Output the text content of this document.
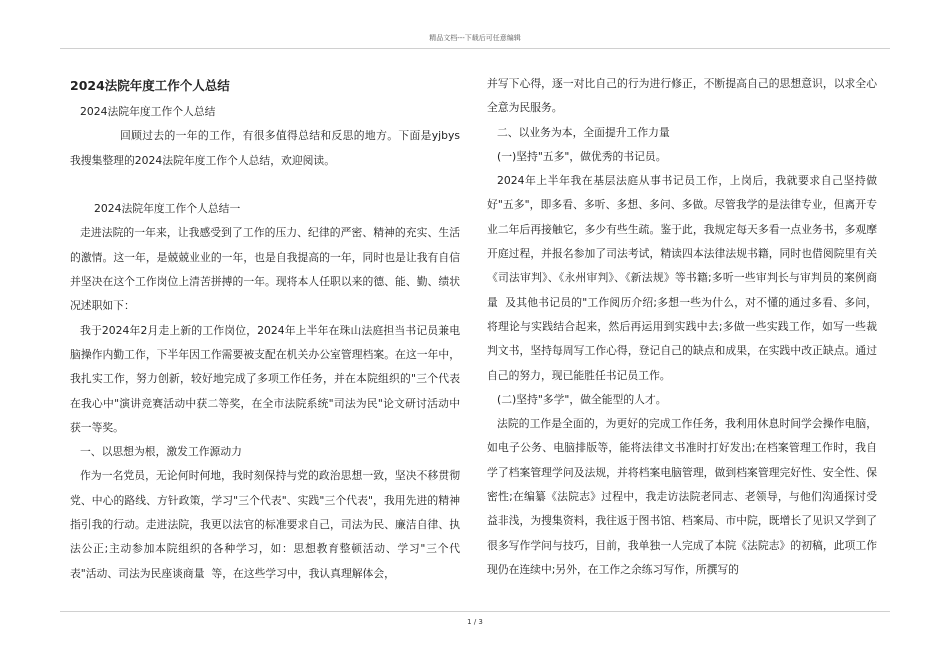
精品文档---下载后可任意编辑
2024法院年度工作个人总结

2024法院年度工作个人总结

回顾过去的一年的工作，有很多值得总结和反思的地方。下面是yjbys我搜集整理的2024法院年度工作个人总结，欢迎阅读。

2024法院年度工作个人总结一

走进法院的一年来，让我感受到了工作的压力、纪律的严密、精神的充实、生活的激情。这一年，是兢兢业业的一年，也是自我提高的一年，同时也是让我有自信并坚决在这个工作岗位上清苦拼搏的一年。现将本人任职以来的德、能、勤、绩状况述职如下：

我于2024年2月走上新的工作岗位，2024年上半年在珠山法庭担当书记员兼电脑操作内勤工作，下半年因工作需要被支配在机关办公室管理档案。在这一年中，我扎实工作，努力创新，较好地完成了多项工作任务，并在本院组织的"三个代表在我心中"演讲竞赛活动中获二等奖，在全市法院系统"司法为民"论文研讨活动中获一等奖。

一、以思想为根，激发工作源动力

作为一名党员，无论何时何地，我时刻保持与党的政治思想一致，坚决不移贯彻党、中心的路线、方针政策，学习"三个代表"、实践"三个代表"，我用先进的精神指引我的行动。走进法院，我更以法官的标准要求自己，司法为民、廉洁自律、执法公正;主动参加本院组织的各种学习，如：思想教育整顿活动、学习"三个代表"活动、司法为民座谈商量  等，在这些学习中，我认真理解体会，

并写下心得，逐一对比自己的行为进行修正，不断提高自己的思想意识，以求全心全意为民服务。

二、以业务为本，全面提升工作力量

(一)坚持"五多"，做优秀的书记员。

2024年上半年我在基层法庭从事书记员工作，上岗后，我就要求自己坚持做好"五多"，即多看、多听、多想、多问、多做。尽管我学的是法律专业，但离开专业二年后再接触它，多少有些生疏。鉴于此，我规定每天多看一点业务书，多观摩开庭过程，并报名参加了司法考试，精读四本法律法规书籍，同时也借阅院里有关《司法审判》、《永州审判》、《新法规》等书籍;多听一些审判长与审判员的案例商量  及其他书记员的"工作阅历介绍;多想一些为什么，对不懂的通过多看、多问，将理论与实践结合起来，然后再运用到实践中去;多做一些实践工作，如写一些裁判文书，坚持每周写工作心得，登记自己的缺点和成果，在实践中改正缺点。通过自己的努力，现已能胜任书记员工作。

(二)坚持"多学"，做全能型的人才。

法院的工作是全面的，为更好的完成工作任务，我利用休息时间学会操作电脑，如电子公务、电脑排版等，能将法律文书准时打好发出;在档案管理工作时，我自学了档案管理学问及法规，并将档案电脑管理，做到档案管理完好性、安全性、保密性;在编纂《法院志》过程中，我走访法院老同志、老领导，与他们沟通探讨受益非浅，为搜集资料，我往返于图书馆、档案局、市中院，既增长了见识又学到了很多写作学问与技巧，目前，我单独一人完成了本院《法院志》的初稿，此项工作现仍在连续中;另外，在工作之余练习写作，所撰写的

1 / 3
